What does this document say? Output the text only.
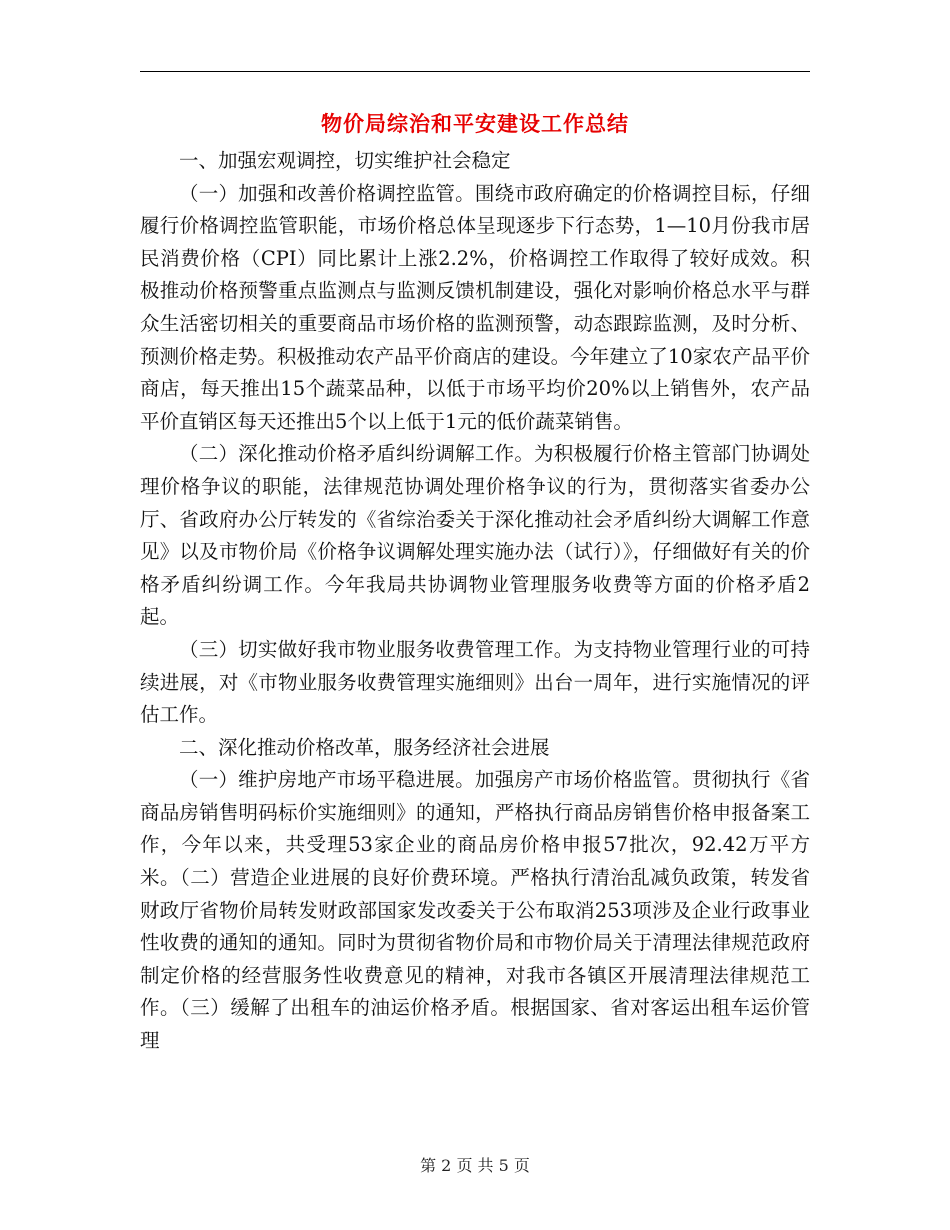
物价局综治和平安建设工作总结

一、加强宏观调控，切实维护社会稳定

（一）加强和改善价格调控监管。围绕市政府确定的价格调控目标，仔细履行价格调控监管职能，市场价格总体呈现逐步下行态势，1—10月份我市居民消费价格（CPI）同比累计上涨2.2%，价格调控工作取得了较好成效。积极推动价格预警重点监测点与监测反馈机制建设，强化对影响价格总水平与群众生活密切相关的重要商品市场价格的监测预警，动态跟踪监测，及时分析、预测价格走势。积极推动农产品平价商店的建设。今年建立了10家农产品平价商店，每天推出15个蔬菜品种，以低于市场平均价20%以上销售外，农产品平价直销区每天还推出5个以上低于1元的低价蔬菜销售。

（二）深化推动价格矛盾纠纷调解工作。为积极履行价格主管部门协调处理价格争议的职能，法律规范协调处理价格争议的行为，贯彻落实省委办公厅、省政府办公厅转发的《省综治委关于深化推动社会矛盾纠纷大调解工作意见》以及市物价局《价格争议调解处理实施办法（试行）》，仔细做好有关的价格矛盾纠纷调工作。今年我局共协调物业管理服务收费等方面的价格矛盾2起。

（三）切实做好我市物业服务收费管理工作。为支持物业管理行业的可持续进展，对《市物业服务收费管理实施细则》出台一周年，进行实施情况的评估工作。

二、深化推动价格改革，服务经济社会进展

（一）维护房地产市场平稳进展。加强房产市场价格监管。贯彻执行《省商品房销售明码标价实施细则》的通知，严格执行商品房销售价格申报备案工作，今年以来，共受理53家企业的商品房价格申报57批次，92.42万平方米。（二）营造企业进展的良好价费环境。严格执行清治乱减负政策，转发省财政厅省物价局转发财政部国家发改委关于公布取消253项涉及企业行政事业性收费的通知的通知。同时为贯彻省物价局和市物价局关于清理法律规范政府制定价格的经营服务性收费意见的精神，对我市各镇区开展清理法律规范工作。（三）缓解了出租车的油运价格矛盾。根据国家、省对客运出租车运价管理

第 2 页 共 5 页
